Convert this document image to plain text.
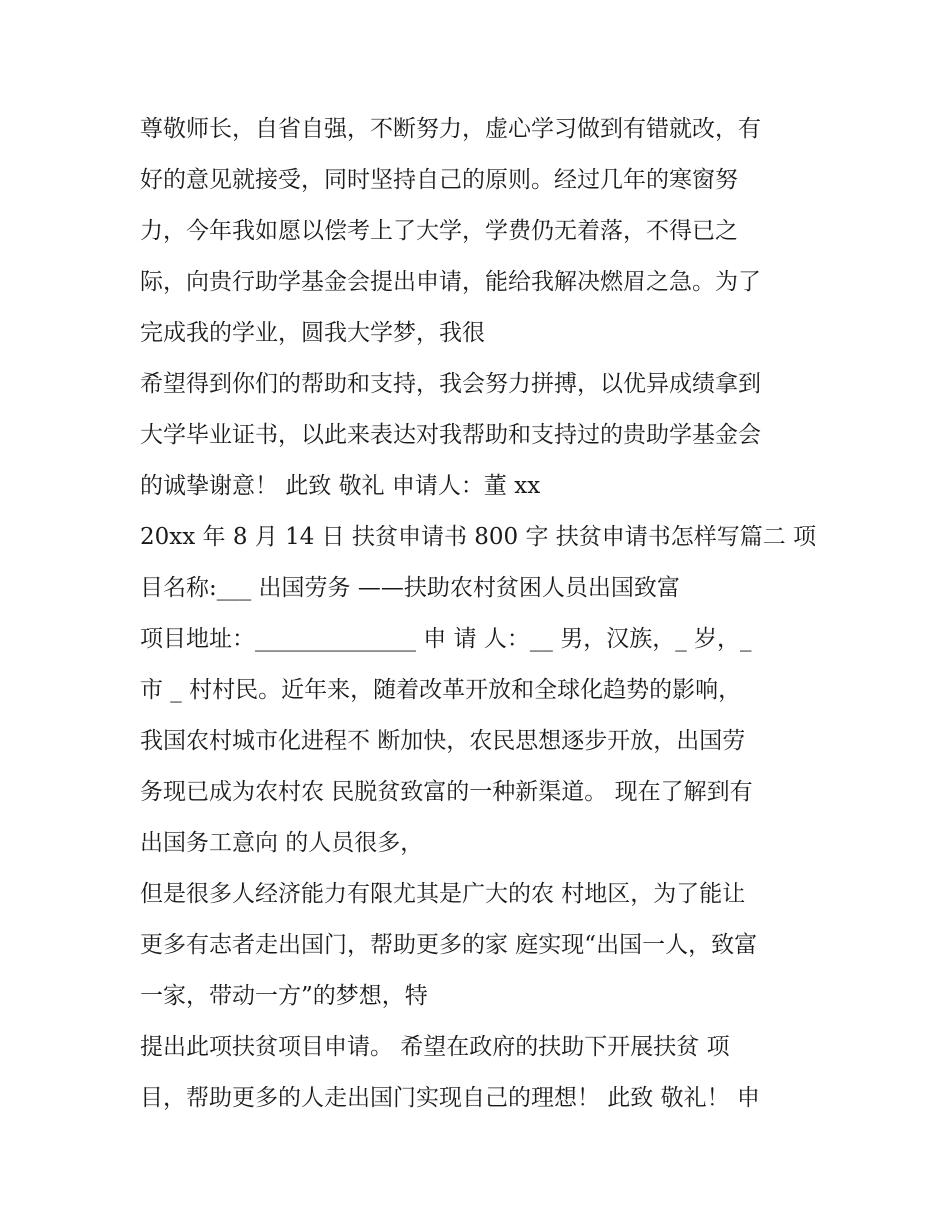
尊敬师长，自省自强，不断努力，虚心学习做到有错就改，有
好的意见就接受，同时坚持自己的原则。经过几年的寒窗努
力，今年我如愿以偿考上了大学，学费仍无着落，不得已之
际，向贵行助学基金会提出申请，能给我解决燃眉之急。为了
完成我的学业，圆我大学梦，我很
希望得到你们的帮助和支持，我会努力拼搏，以优异成绩拿到
大学毕业证书，以此来表达对我帮助和支持过的贵助学基金会
的诚挚谢意！ 此致 敬礼 申请人：董 xx
20xx 年 8 月 14 日 扶贫申请书 800 字 扶贫申请书怎样写篇二 项
目名称:___ 出国劳务 ——扶助农村贫困人员出国致富
项目地址：______________ 申 请 人：__ 男，汉族，_ 岁，_
市 _ 村村民。近年来，随着改革开放和全球化趋势的影响，
我国农村城市化进程不 断加快，农民思想逐步开放，出国劳
务现已成为农村农 民脱贫致富的一种新渠道。 现在了解到有
出国务工意向 的人员很多，
但是很多人经济能力有限尤其是广大的农 村地区，为了能让
更多有志者走出国门，帮助更多的家 庭实现“出国一人，致富
一家，带动一方”的梦想，特
提出此项扶贫项目申请。 希望在政府的扶助下开展扶贫 项
目，帮助更多的人走出国门实现自己的理想！ 此致 敬礼！ 申
